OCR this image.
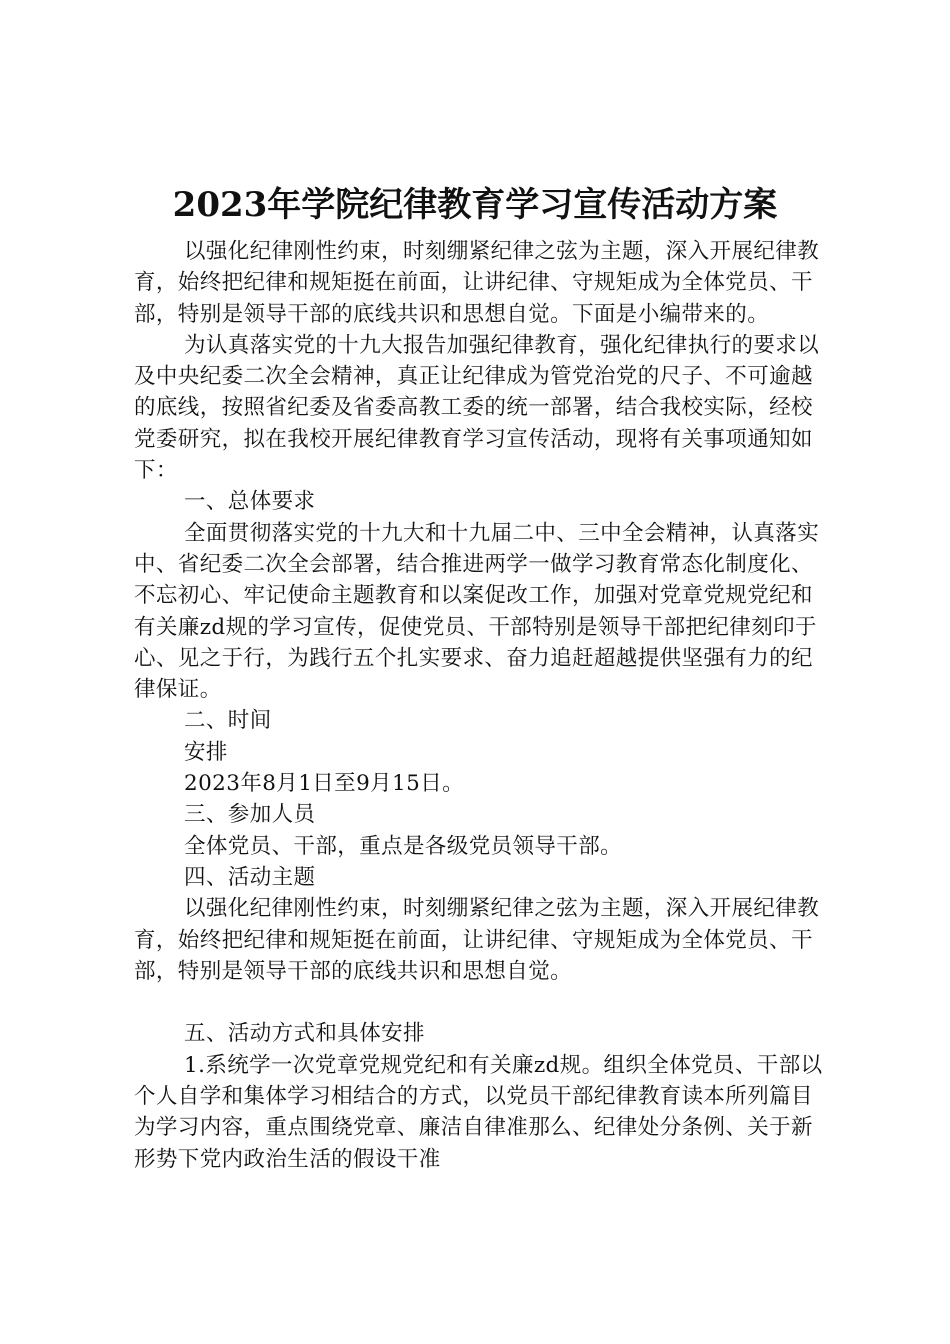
2023年学院纪律教育学习宣传活动方案

以强化纪律刚性约束，时刻绷紧纪律之弦为主题，深入开展纪律教育，始终把纪律和规矩挺在前面，让讲纪律、守规矩成为全体党员、干部，特别是领导干部的底线共识和思想自觉。下面是小编带来的。

为认真落实党的十九大报告加强纪律教育，强化纪律执行的要求以及中央纪委二次全会精神，真正让纪律成为管党治党的尺子、不可逾越的底线，按照省纪委及省委高教工委的统一部署，结合我校实际，经校党委研究，拟在我校开展纪律教育学习宣传活动，现将有关事项通知如下：

一、总体要求

全面贯彻落实党的十九大和十九届二中、三中全会精神，认真落实中、省纪委二次全会部署，结合推进两学一做学习教育常态化制度化、不忘初心、牢记使命主题教育和以案促改工作，加强对党章党规党纪和有关廉zd规的学习宣传，促使党员、干部特别是领导干部把纪律刻印于心、见之于行，为践行五个扎实要求、奋力追赶超越提供坚强有力的纪律保证。

二、时间

安排

2023年8月1日至9月15日。

三、参加人员

全体党员、干部，重点是各级党员领导干部。

四、活动主题

以强化纪律刚性约束，时刻绷紧纪律之弦为主题，深入开展纪律教育，始终把纪律和规矩挺在前面，让讲纪律、守规矩成为全体党员、干部，特别是领导干部的底线共识和思想自觉。

五、活动方式和具体安排

1.系统学一次党章党规党纪和有关廉zd规。组织全体党员、干部以个人自学和集体学习相结合的方式，以党员干部纪律教育读本所列篇目为学习内容，重点围绕党章、廉洁自律准那么、纪律处分条例、关于新形势下党内政治生活的假设干准
